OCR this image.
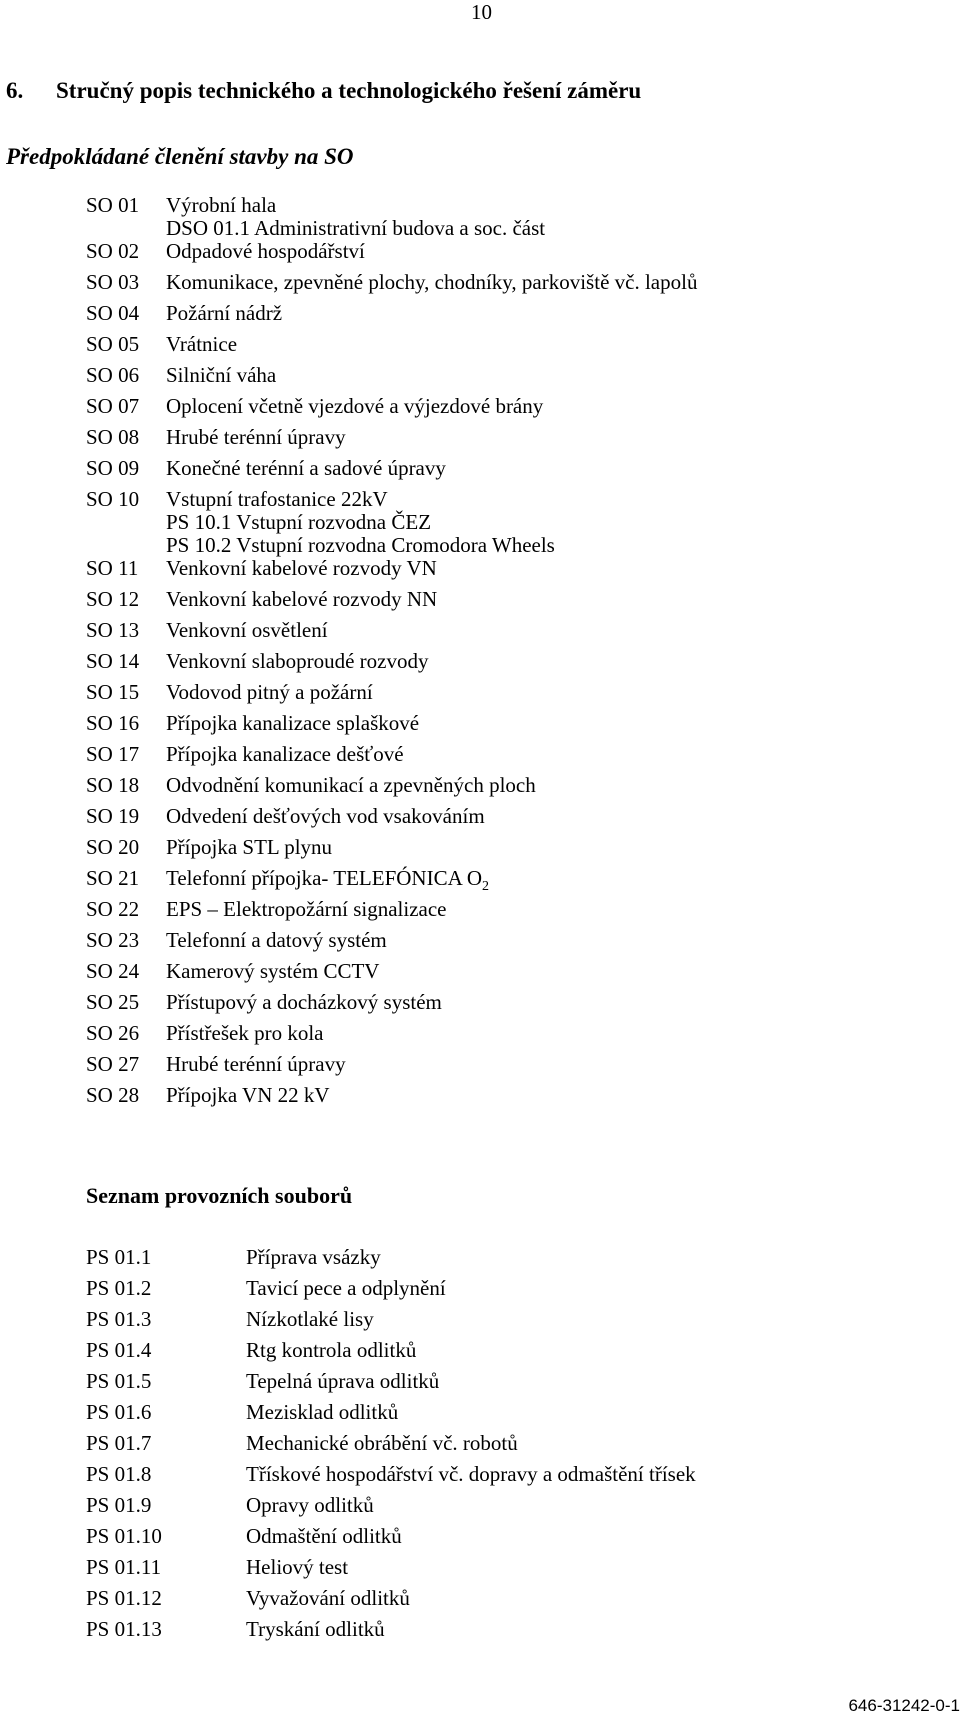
10
6. Stručný popis technického a technologického řešení záměru
Předpokládané členění stavby na SO
SO 01 Výrobní hala
DSO 01.1 Administrativní budova a soc. část
SO 02 Odpadové hospodářství
SO 03 Komunikace, zpevněné plochy, chodníky, parkoviště vč. lapolů
SO 04 Požární nádrž
SO 05 Vrátnice
SO 06 Silniční váha
SO 07 Oplocení včetně vjezdové a výjezdové brány
SO 08 Hrubé terénní úpravy
SO 09 Konečné terénní a sadové úpravy
SO 10 Vstupní trafostanice 22kV
PS 10.1 Vstupní rozvodna ČEZ
PS 10.2 Vstupní rozvodna Cromodora Wheels
SO 11 Venkovní kabelové rozvody VN
SO 12 Venkovní kabelové rozvody NN
SO 13 Venkovní osvětlení
SO 14 Venkovní slaboproudé rozvody
SO 15 Vodovod pitný a požární
SO 16 Přípojka kanalizace splaškové
SO 17 Přípojka kanalizace dešťové
SO 18 Odvodnění komunikací a zpevněných ploch
SO 19 Odvedení dešťových vod vsakováním
SO 20 Přípojka STL plynu
SO 21 Telefonní přípojka- TELEFÓNICA $O_2$
SO 22 EPS – Elektropožární signalizace
SO 23 Telefonní a datový systém
SO 24 Kamerový systém CCTV
SO 25 Přístupový a docházkový systém
SO 26 Přístřešek pro kola
SO 27 Hrubé terénní úpravy
SO 28 Přípojka VN 22 kV
Seznam provozních souborů
PS 01.1	Příprava vsázky
PS 01.2	Tavicí pece a odplynění
PS 01.3	Nízkotlaké lisy
PS 01.4	Rtg kontrola odlitků
PS 01.5	Tepelná úprava odlitků
PS 01.6	Mezisklad odlitků
PS 01.7	Mechanické obrábění vč. robotů
PS 01.8	Třískové hospodářství vč. dopravy a odmaštění třísek
PS 01.9	Opravy odlitků
PS 01.10	Odmaštění odlitků
PS 01.11	Heliový test
PS 01.12	Vyvažování odlitků
PS 01.13	Tryskání odlitků
646-31242-0-1
